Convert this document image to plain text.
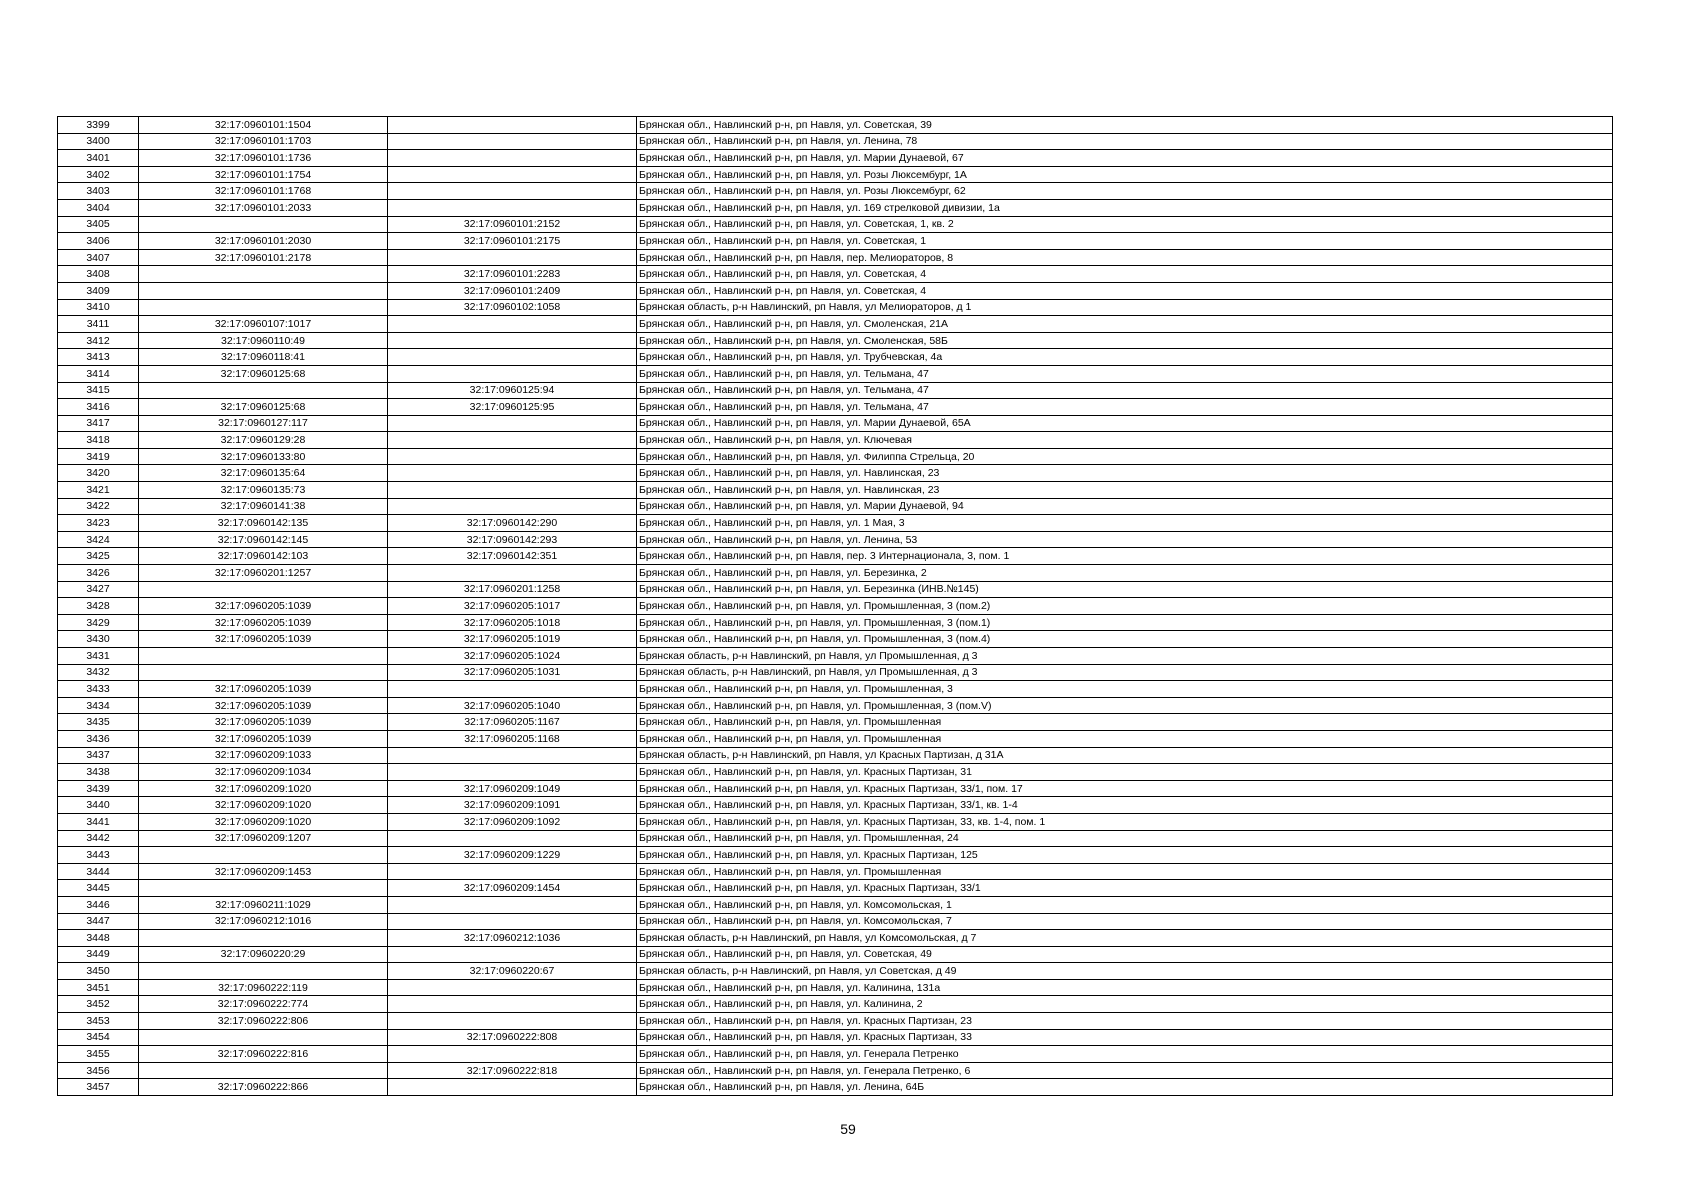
3399	32:17:0960101:1504		Брянская обл., Навлинский р-н, рп Навля, ул. Советская, 39
3400	32:17:0960101:1703		Брянская обл., Навлинский р-н, рп Навля, ул. Ленина, 78
3401	32:17:0960101:1736		Брянская обл., Навлинский р-н, рп Навля, ул. Марии Дунаевой, 67
3402	32:17:0960101:1754		Брянская обл., Навлинский р-н, рп Навля, ул. Розы Люксембург, 1А
3403	32:17:0960101:1768		Брянская обл., Навлинский р-н, рп Навля, ул. Розы Люксембург, 62
3404	32:17:0960101:2033		Брянская обл., Навлинский р-н, рп Навля, ул. 169 стрелковой дивизии, 1а
3405		32:17:0960101:2152	Брянская обл., Навлинский р-н, рп Навля, ул. Советская, 1, кв. 2
3406	32:17:0960101:2030	32:17:0960101:2175	Брянская обл., Навлинский р-н, рп Навля, ул. Советская, 1
3407	32:17:0960101:2178		Брянская обл., Навлинский р-н, рп Навля, пер. Мелиораторов, 8
3408		32:17:0960101:2283	Брянская обл., Навлинский р-н, рп Навля, ул. Советская, 4
3409		32:17:0960101:2409	Брянская обл., Навлинский р-н, рп Навля, ул. Советская, 4
3410		32:17:0960102:1058	Брянская область, р-н Навлинский, рп Навля, ул Мелиораторов, д 1
3411	32:17:0960107:1017		Брянская обл., Навлинский р-н, рп Навля, ул. Смоленская, 21А
3412	32:17:0960110:49		Брянская обл., Навлинский р-н, рп Навля, ул. Смоленская, 58Б
3413	32:17:0960118:41		Брянская обл., Навлинский р-н, рп Навля, ул. Трубчевская, 4а
3414	32:17:0960125:68		Брянская обл., Навлинский р-н, рп Навля, ул. Тельмана, 47
3415		32:17:0960125:94	Брянская обл., Навлинский р-н, рп Навля, ул. Тельмана, 47
3416	32:17:0960125:68	32:17:0960125:95	Брянская обл., Навлинский р-н, рп Навля, ул. Тельмана, 47
3417	32:17:0960127:117		Брянская обл., Навлинский р-н, рп Навля, ул. Марии Дунаевой, 65А
3418	32:17:0960129:28		Брянская обл., Навлинский р-н, рп Навля, ул. Ключевая
3419	32:17:0960133:80		Брянская обл., Навлинский р-н, рп Навля, ул. Филиппа Стрельца, 20
3420	32:17:0960135:64		Брянская обл., Навлинский р-н, рп Навля, ул. Навлинская, 23
3421	32:17:0960135:73		Брянская обл., Навлинский р-н, рп Навля, ул. Навлинская, 23
3422	32:17:0960141:38		Брянская обл., Навлинский р-н, рп Навля, ул. Марии Дунаевой, 94
3423	32:17:0960142:135	32:17:0960142:290	Брянская обл., Навлинский р-н, рп Навля, ул. 1 Мая, 3
3424	32:17:0960142:145	32:17:0960142:293	Брянская обл., Навлинский р-н, рп Навля, ул. Ленина, 53
3425	32:17:0960142:103	32:17:0960142:351	Брянская обл., Навлинский р-н, рп Навля, пер. 3 Интернационала, 3, пом. 1
3426	32:17:0960201:1257		Брянская обл., Навлинский р-н, рп Навля, ул. Березинка, 2
3427		32:17:0960201:1258	Брянская обл., Навлинский р-н, рп Навля, ул. Березинка (ИНВ.№145)
3428	32:17:0960205:1039	32:17:0960205:1017	Брянская обл., Навлинский р-н, рп Навля, ул. Промышленная, 3 (пом.2)
3429	32:17:0960205:1039	32:17:0960205:1018	Брянская обл., Навлинский р-н, рп Навля, ул. Промышленная, 3 (пом.1)
3430	32:17:0960205:1039	32:17:0960205:1019	Брянская обл., Навлинский р-н, рп Навля, ул. Промышленная, 3 (пом.4)
3431		32:17:0960205:1024	Брянская область, р-н Навлинский, рп Навля, ул Промышленная, д 3
3432		32:17:0960205:1031	Брянская область, р-н Навлинский, рп Навля, ул Промышленная, д 3
3433	32:17:0960205:1039		Брянская обл., Навлинский р-н, рп Навля, ул. Промышленная, 3
3434	32:17:0960205:1039	32:17:0960205:1040	Брянская обл., Навлинский р-н, рп Навля, ул. Промышленная, 3 (пом.V)
3435	32:17:0960205:1039	32:17:0960205:1167	Брянская обл., Навлинский р-н, рп Навля, ул. Промышленная
3436	32:17:0960205:1039	32:17:0960205:1168	Брянская обл., Навлинский р-н, рп Навля, ул. Промышленная
3437	32:17:0960209:1033		Брянская область, р-н Навлинский, рп Навля, ул Красных Партизан, д 31А
3438	32:17:0960209:1034		Брянская обл., Навлинский р-н, рп Навля, ул. Красных Партизан, 31
3439	32:17:0960209:1020	32:17:0960209:1049	Брянская обл., Навлинский р-н, рп Навля, ул. Красных Партизан, 33/1, пом. 17
3440	32:17:0960209:1020	32:17:0960209:1091	Брянская обл., Навлинский р-н, рп Навля, ул. Красных Партизан, 33/1, кв. 1-4
3441	32:17:0960209:1020	32:17:0960209:1092	Брянская обл., Навлинский р-н, рп Навля, ул. Красных Партизан, 33, кв. 1-4, пом. 1
3442	32:17:0960209:1207		Брянская обл., Навлинский р-н, рп Навля, ул. Промышленная, 24
3443		32:17:0960209:1229	Брянская обл., Навлинский р-н, рп Навля, ул. Красных Партизан, 125
3444	32:17:0960209:1453		Брянская обл., Навлинский р-н, рп Навля, ул. Промышленная
3445		32:17:0960209:1454	Брянская обл., Навлинский р-н, рп Навля, ул. Красных Партизан, 33/1
3446	32:17:0960211:1029		Брянская обл., Навлинский р-н, рп Навля, ул. Комсомольская, 1
3447	32:17:0960212:1016		Брянская обл., Навлинский р-н, рп Навля, ул. Комсомольская, 7
3448		32:17:0960212:1036	Брянская область, р-н Навлинский, рп Навля, ул Комсомольская, д 7
3449	32:17:0960220:29		Брянская обл., Навлинский р-н, рп Навля, ул. Советская, 49
3450		32:17:0960220:67	Брянская область, р-н Навлинский, рп Навля, ул Советская, д 49
3451	32:17:0960222:119		Брянская обл., Навлинский р-н, рп Навля, ул. Калинина, 131а
3452	32:17:0960222:774		Брянская обл., Навлинский р-н, рп Навля, ул. Калинина, 2
3453	32:17:0960222:806		Брянская обл., Навлинский р-н, рп Навля, ул. Красных Партизан, 23
3454		32:17:0960222:808	Брянская обл., Навлинский р-н, рп Навля, ул. Красных Партизан, 33
3455	32:17:0960222:816		Брянская обл., Навлинский р-н, рп Навля, ул. Генерала Петренко
3456		32:17:0960222:818	Брянская обл., Навлинский р-н, рп Навля, ул. Генерала Петренко, 6
3457	32:17:0960222:866		Брянская обл., Навлинский р-н, рп Навля, ул. Ленина, 64Б
59
